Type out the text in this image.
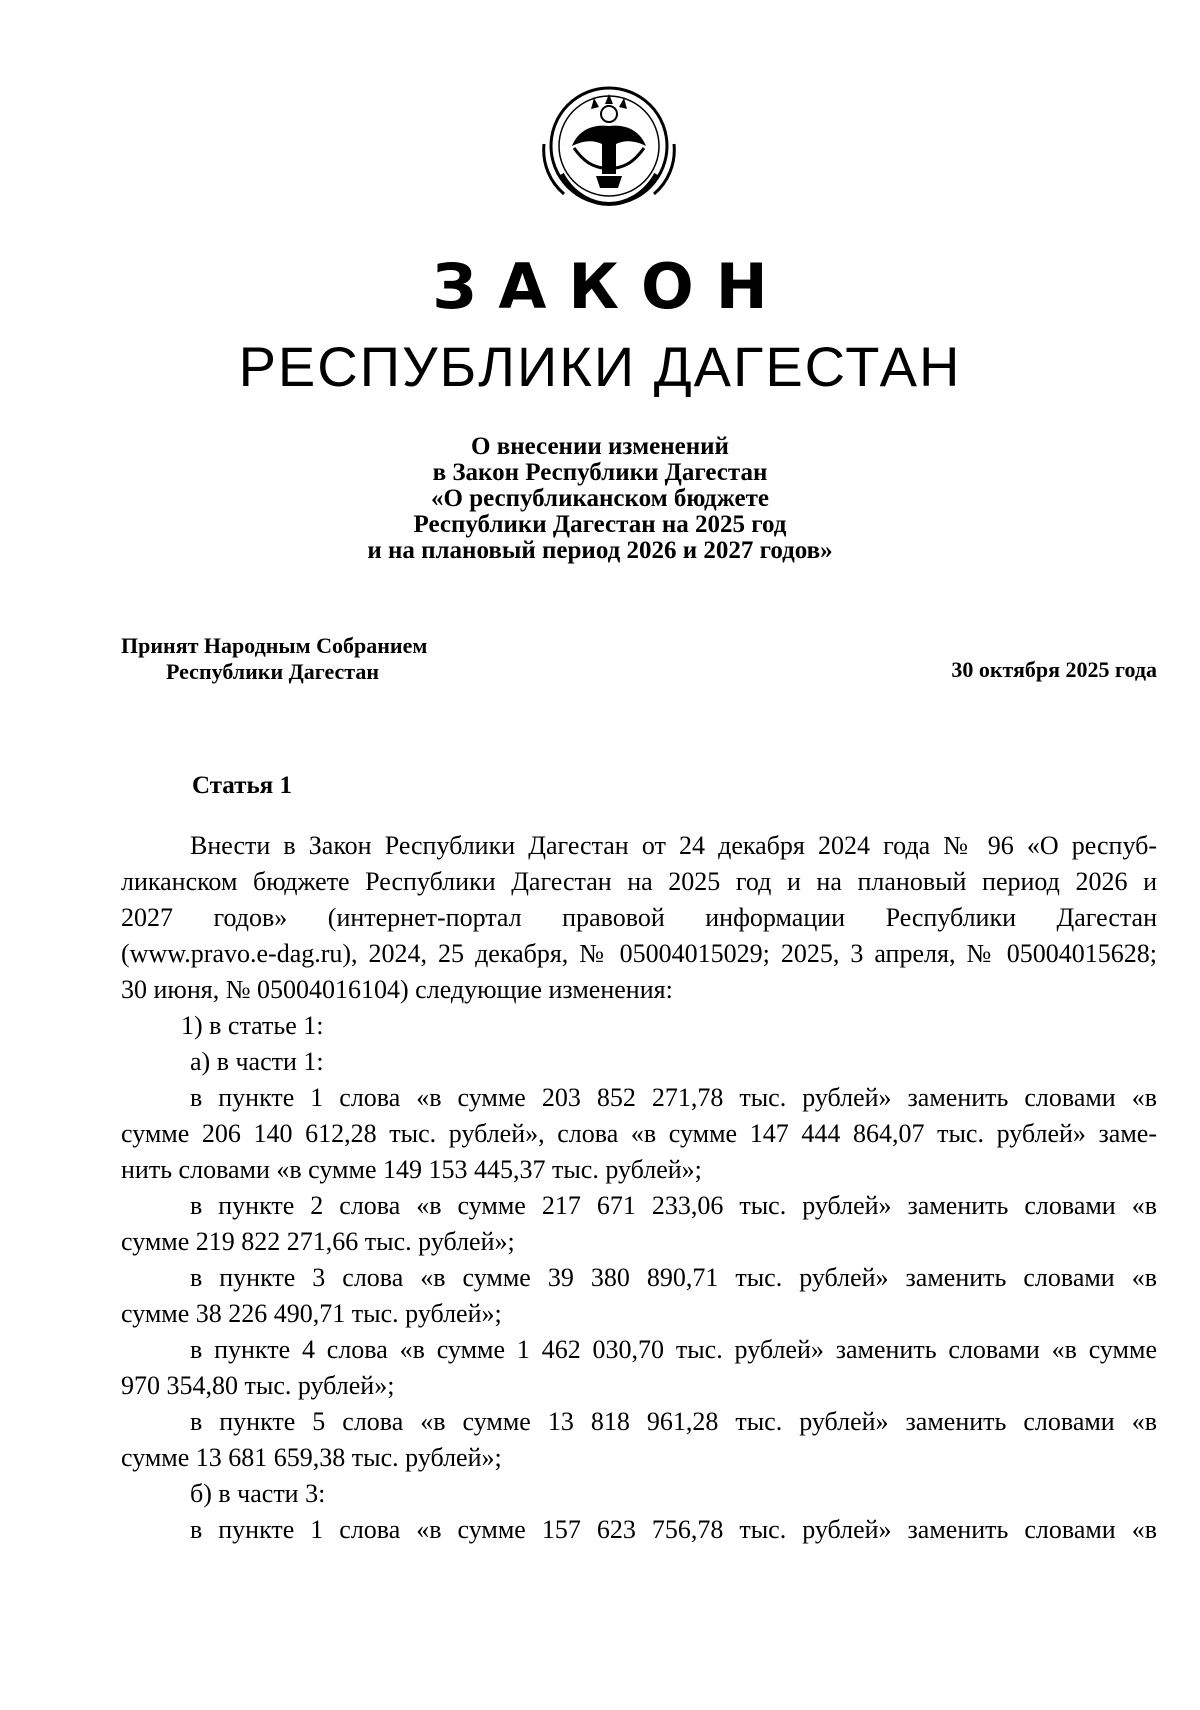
ЗАКОН
РЕСПУБЛИКИ ДАГЕСТАН
О внесении изменений
в Закон Республики Дагестан
«О республиканском бюджете
Республики Дагестан на 2025 год
и на плановый период 2026 и 2027 годов»
Принят Народным Собранием
Республики Дагестан	30 октября 2025 года
Статья 1
Внести в Закон Республики Дагестан от 24 декабря 2024 года № 96 «О респуб-
ликанском бюджете Республики Дагестан на 2025 год и на плановый период 2026 и
2027 годов» (интернет-портал правовой информации Республики Дагестан
(www.pravo.e-dag.ru), 2024, 25 декабря, № 05004015029; 2025, 3 апреля, № 05004015628;
30 июня, № 05004016104) следующие изменения:
1) в статье 1:
а) в части 1:
в пункте 1 слова «в сумме 203 852 271,78 тыс. рублей» заменить словами «в
сумме 206 140 612,28 тыс. рублей», слова «в сумме 147 444 864,07 тыс. рублей» заме-
нить словами «в сумме 149 153 445,37 тыс. рублей»;
в пункте 2 слова «в сумме 217 671 233,06 тыс. рублей» заменить словами «в
сумме 219 822 271,66 тыс. рублей»;
в пункте 3 слова «в сумме 39 380 890,71 тыс. рублей» заменить словами «в
сумме 38 226 490,71 тыс. рублей»;
в пункте 4 слова «в сумме 1 462 030,70 тыс. рублей» заменить словами «в сумме
970 354,80 тыс. рублей»;
в пункте 5 слова «в сумме 13 818 961,28 тыс. рублей» заменить словами «в
сумме 13 681 659,38 тыс. рублей»;
б) в части 3:
в пункте 1 слова «в сумме 157 623 756,78 тыс. рублей» заменить словами «в
